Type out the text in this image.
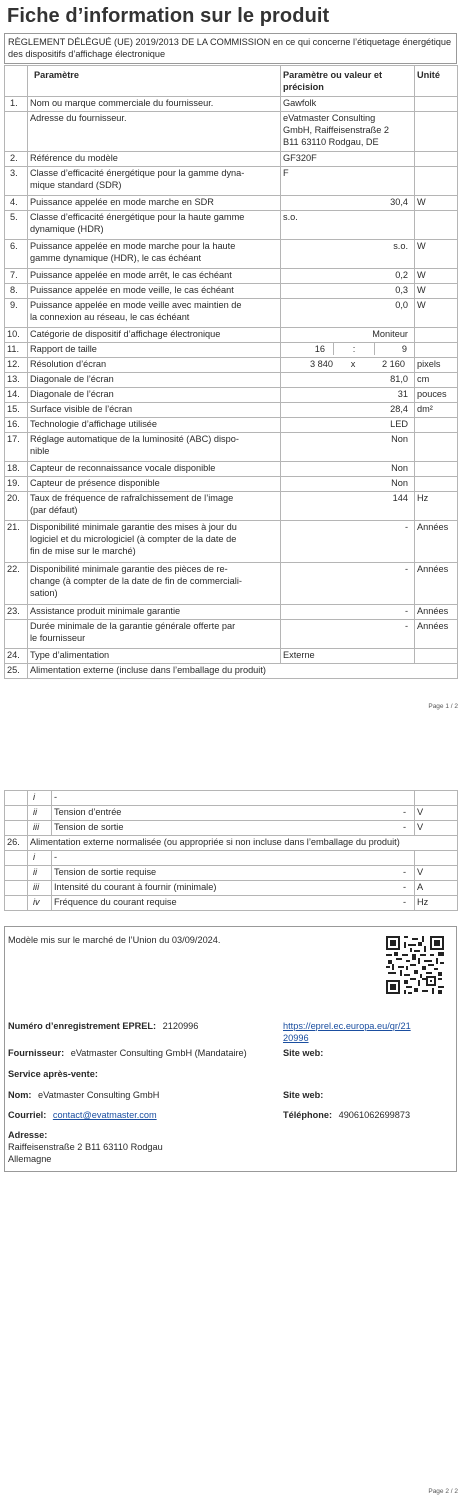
Fiche d’information sur le produit
RÈGLEMENT DÉLÉGUÉ (UE) 2019/2013 DE LA COMMISSION en ce qui concerne l’étiquetage énergétique des dispositifs d’affichage électronique
	Paramètre	Paramètre ou valeur et précision	Unité
1.	Nom ou marque commerciale du fournisseur.	Gawfolk	
	Adresse du fournisseur.	eVatmaster Consulting
GmbH, Raiffeisenstraße 2
B11 63110 Rodgau, DE	

2.	Référence du modèle	GF320F	
3.	Classe d’efficacité énergétique pour la gamme dyna-
mique standard (SDR)	F	
4.	Puissance appelée en mode marche en SDR	30,4	W
5.	Classe d’efficacité énergétique pour la haute gamme
dynamique (HDR)	s.o.	
6.	Puissance appelée en mode marche pour la haute
gamme dynamique (HDR), le cas échéant	s.o.	W
7.	Puissance appelée en mode arrêt, le cas échéant	0,2	W
8.	Puissance appelée en mode veille, le cas échéant	0,3	W
9.	Puissance appelée en mode veille avec maintien de
la connexion au réseau, le cas échéant	0,0	W
10.	Catégorie de dispositif d’affichage électronique	Moniteur	
11.	Rapport de taille	16 : 9	

12.	Résolution d’écran	3 840 x 2 160	pixels
13.	Diagonale de l’écran	81,0	cm
14.	Diagonale de l’écran	31	pouces
15.	Surface visible de l’écran	28,4	dm²
16.	Technologie d’affichage utilisée	LED	
17.	Réglage automatique de la luminosité (ABC) dispo-
nible	Non	
18.	Capteur de reconnaissance vocale disponible	Non	
19.	Capteur de présence disponible	Non	
20.	Taux de fréquence de rafraîchissement de l’image
(par défaut)	144	Hz
21.	Disponibilité minimale garantie des mises à jour du
logiciel et du micrologiciel (à compter de la date de
fin de mise sur le marché)	-	Années
22.	Disponibilité minimale garantie des pièces de re-
change (à compter de la date de fin de commerciali-
sation)	-	Années
23.	Assistance produit minimale garantie	-	Années

	Durée minimale de la garantie générale offerte par
le fournisseur	-	Années
24.	Type d’alimentation	Externe	
25.	Alimentation externe (incluse dans l’emballage du produit)		
Page 1 / 2
	i	-	
	ii	Tension d’entrée -	V
	iii	Tension de sortie -	V
26.	Alimentation externe normalisée (ou appropriée si non incluse dans l’emballage du produit)		
	i	-	
	ii	Tension de sortie requise -	V
	iii	Intensité du courant à fournir (minimale) -	A
	iv	Fréquence du courant requise -	Hz
Modèle mis sur le marché de l’Union du 03/09/2024.
Numéro d’enregistrement EPREL: 2120996	https://eprel.ec.europa.eu/qr/21
20996
Fournisseur: eVatmaster Consulting GmbH (Mandataire)	Site web:
Service après-vente:
Nom: eVatmaster Consulting GmbH	Site web:
Courriel: contact@evatmaster.com	Téléphone: 49061062699873
Adresse:
Raiffeisenstraße 2 B11 63110 Rodgau
Allemagne
Page 2 / 2
